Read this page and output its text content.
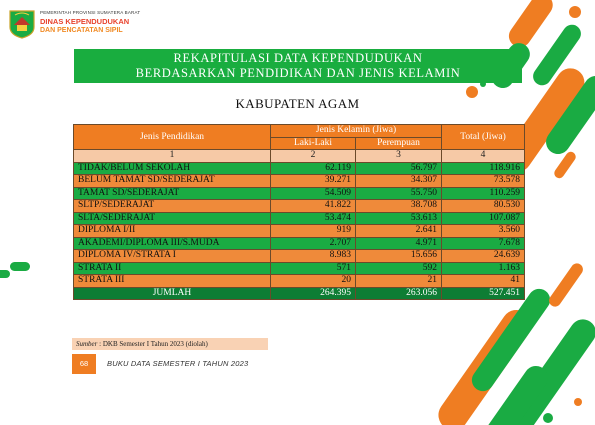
PEMERINTAH PROVINSI SUMATERA BARAT
DINAS KEPENDUDUKAN
DAN PENCATATAN SIPIL
REKAPITULASI DATA KEPENDUDUKAN
BERDASARKAN PENDIDIKAN DAN JENIS KELAMIN
KABUPATEN AGAM
Jenis Pendidikan	Jenis Kelamin (Jiwa)		Total (Jiwa)
	Laki-Laki	Perempuan	
1	2	3	4
TIDAK/BELUM SEKOLAH	62.119	56.797	118.916
BELUM TAMAT SD/SEDERAJAT	39.271	34.307	73.578
TAMAT SD/SEDERAJAT	54.509	55.750	110.259
SLTP/SEDERAJAT	41.822	38.708	80.530
SLTA/SEDERAJAT	53.474	53.613	107.087
DIPLOMA I/II	919	2.641	3.560
AKADEMI/DIPLOMA III/S.MUDA	2.707	4.971	7.678
DIPLOMA IV/STRATA I	8.983	15.656	24.639
STRATA II	571	592	1.163
STRATA III	20	21	41
JUMLAH	264.395	263.056	527.451
Sumber : DKB Semester I Tahun 2023 (diolah)
68	BUKU DATA SEMESTER I TAHUN 2023
